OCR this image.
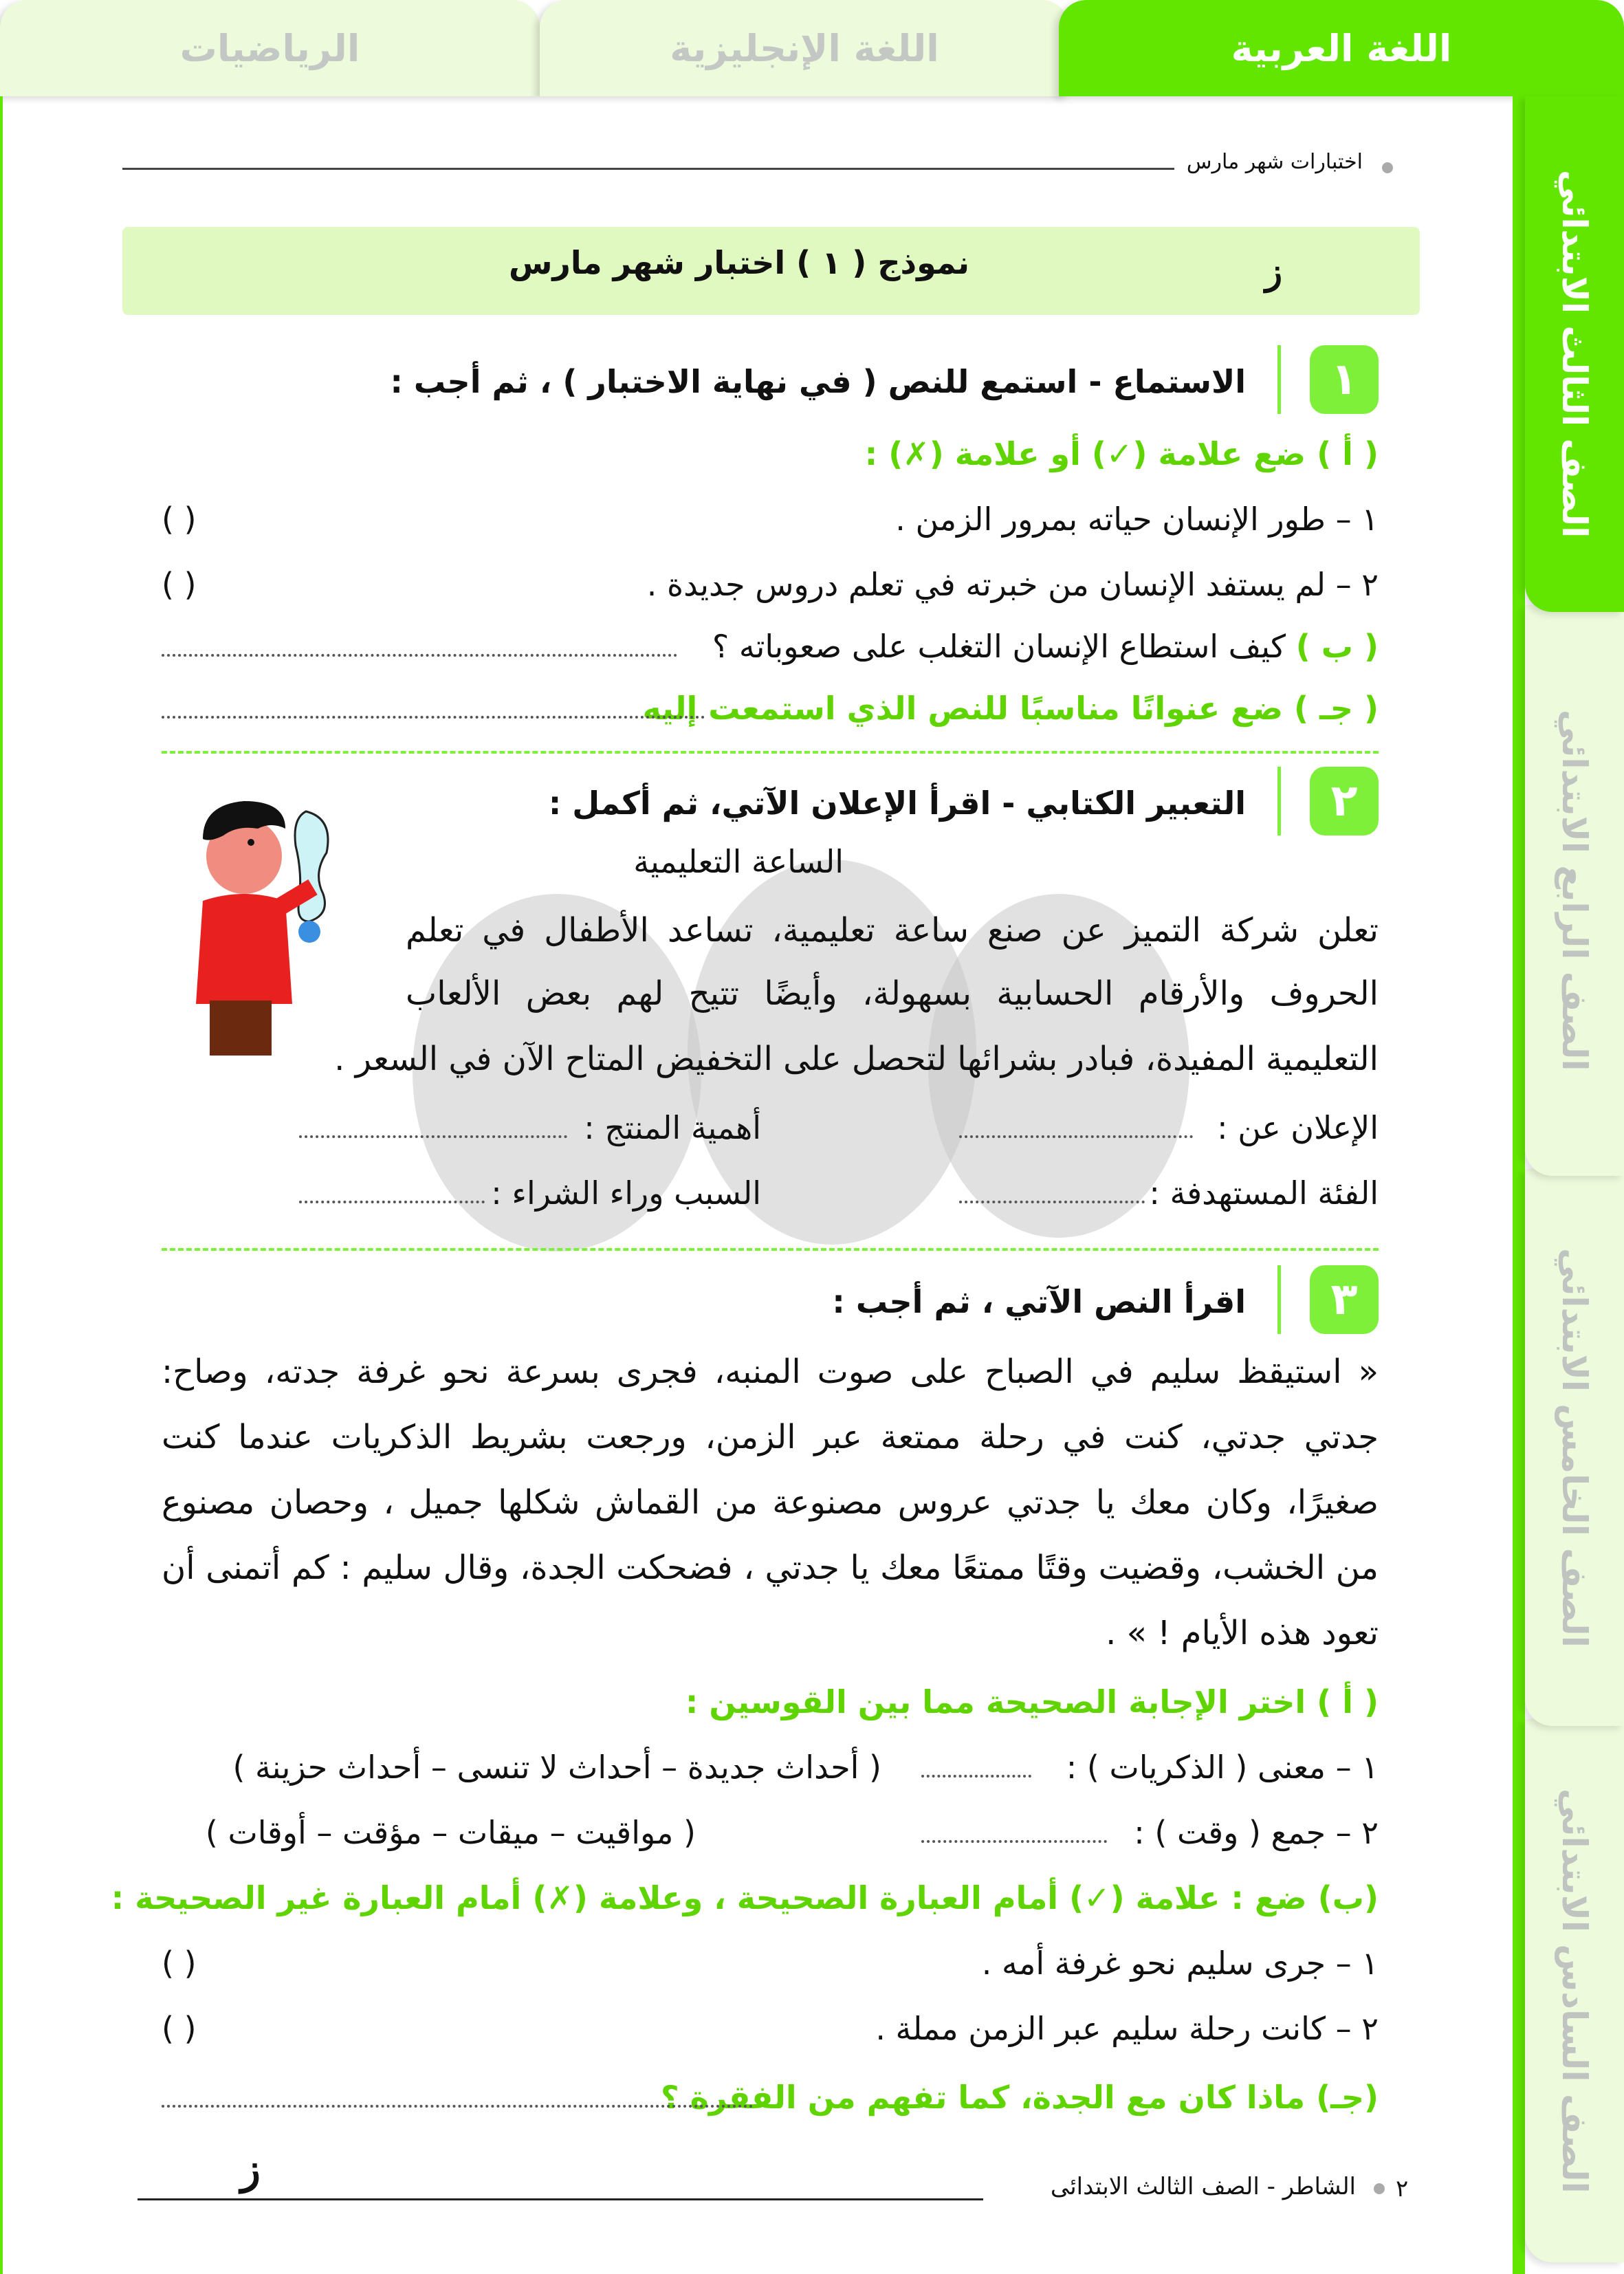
الرياضيات	اللغة الإنجليزية	اللغة العربية
الصف السادس الابتدائي
الصف الخامس الابتدائي
الصف الرابع الابتدائي
الصف الثالث الابتدائي
اختبارات شهر مارس
نموذج ( ١ ) اختبار شهر مارس	ز
١
الاستماع - استمع للنص ( في نهاية الاختبار ) ، ثم أجب :
( أ ) ضع علامة (✓) أو علامة (✗) :
١ – طور الإنسان حياته بمرور الزمن .
( )
٢ – لم يستفد الإنسان من خبرته في تعلم دروس جديدة .
( )
( ب ) كيف استطاع الإنسان التغلب على صعوباته ؟
( جـ ) ضع عنوانًا مناسبًا للنص الذي استمعت إليه
٢
التعبير الكتابي - اقرأ الإعلان الآتي، ثم أكمل :
الساعة التعليمية
تعلن شركة التميز عن صنع ساعة تعليمية، تساعد الأطفال في تعلم
الحروف والأرقام الحسابية بسهولة، وأيضًا تتيح لهم بعض الألعاب
التعليمية المفيدة، فبادر بشرائها لتحصل على التخفيض المتاح الآن في السعر .
الإعلان عن :
أهمية المنتج :
الفئة المستهدفة :
السبب وراء الشراء :
٣
اقرأ النص الآتي ، ثم أجب :
« استيقظ سليم في الصباح على صوت المنبه، فجرى بسرعة نحو غرفة جدته، وصاح:
جدتي جدتي، كنت في رحلة ممتعة عبر الزمن، ورجعت بشريط الذكريات عندما كنت
صغيرًا، وكان معك يا جدتي عروس مصنوعة من القماش شكلها جميل ، وحصان مصنوع
من الخشب، وقضيت وقتًا ممتعًا معك يا جدتي ، فضحكت الجدة، وقال سليم : كم أتمنى أن
تعود هذه الأيام ! » .
( أ ) اختر الإجابة الصحيحة مما بين القوسين :
١ – معنى ( الذكريات ) :
( أحداث جديدة – أحداث لا تنسى – أحداث حزينة )
٢ – جمع ( وقت ) :
( مواقيت – ميقات – مؤقت – أوقات )
(ب) ضع : علامة (✓) أمام العبارة الصحيحة ، وعلامة (✗) أمام العبارة غير الصحيحة :
١ – جرى سليم نحو غرفة أمه .
( )
٢ – كانت رحلة سليم عبر الزمن مملة .
( )
(جـ) ماذا كان مع الجدة، كما تفهم من الفقرة ؟
٢
الشاطر - الصف الثالث الابتدائى
ز
